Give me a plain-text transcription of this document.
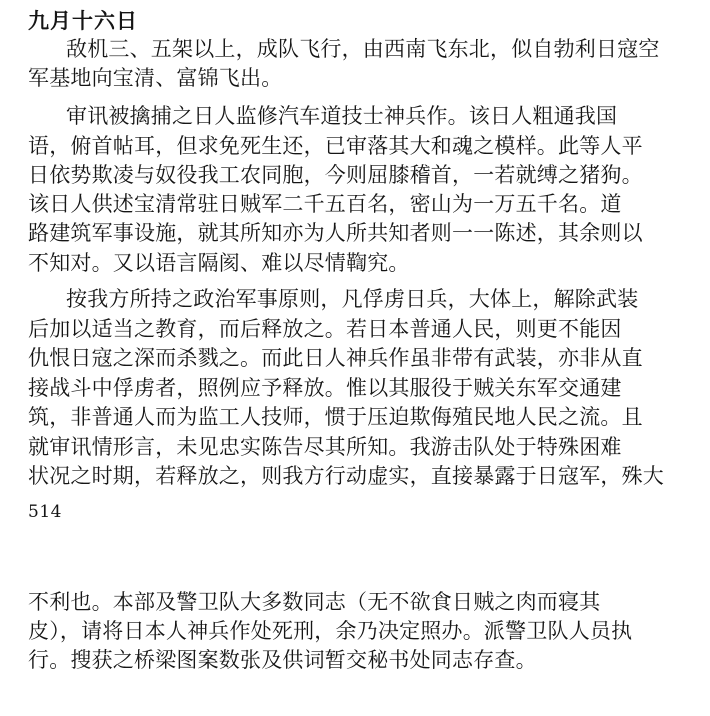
九月十六日
敌机三、五架以上，成队飞行，由西南飞东北，似自勃利日寇空
军基地向宝清、富锦飞出。
审讯被擒捕之日人监修汽车道技士神兵作。该日人粗通我国
语，俯首帖耳，但求免死生还，已审落其大和魂之模样。此等人平
日依势欺凌与奴役我工农同胞，今则屈膝稽首，一若就缚之猪狗。
该日人供述宝清常驻日贼军二千五百名，密山为一万五千名。道
路建筑军事设施，就其所知亦为人所共知者则一一陈述，其余则以
不知对。又以语言隔阂、难以尽情鞫究。
按我方所持之政治军事原则，凡俘虏日兵，大体上，解除武装
后加以适当之教育，而后释放之。若日本普通人民，则更不能因
仇恨日寇之深而杀戮之。而此日人神兵作虽非带有武装，亦非从直
接战斗中俘虏者，照例应予释放。惟以其服役于贼关东军交通建
筑，非普通人而为监工人技师，惯于压迫欺侮殖民地人民之流。且
就审讯情形言，未见忠实陈告尽其所知。我游击队处于特殊困难
状况之时期，若释放之，则我方行动虚实，直接暴露于日寇军，殊大
514
不利也。本部及警卫队大多数同志（无不欲食日贼之肉而寝其
皮），请将日本人神兵作处死刑，余乃决定照办。派警卫队人员执
行。搜获之桥梁图案数张及供词暂交秘书处同志存查。
